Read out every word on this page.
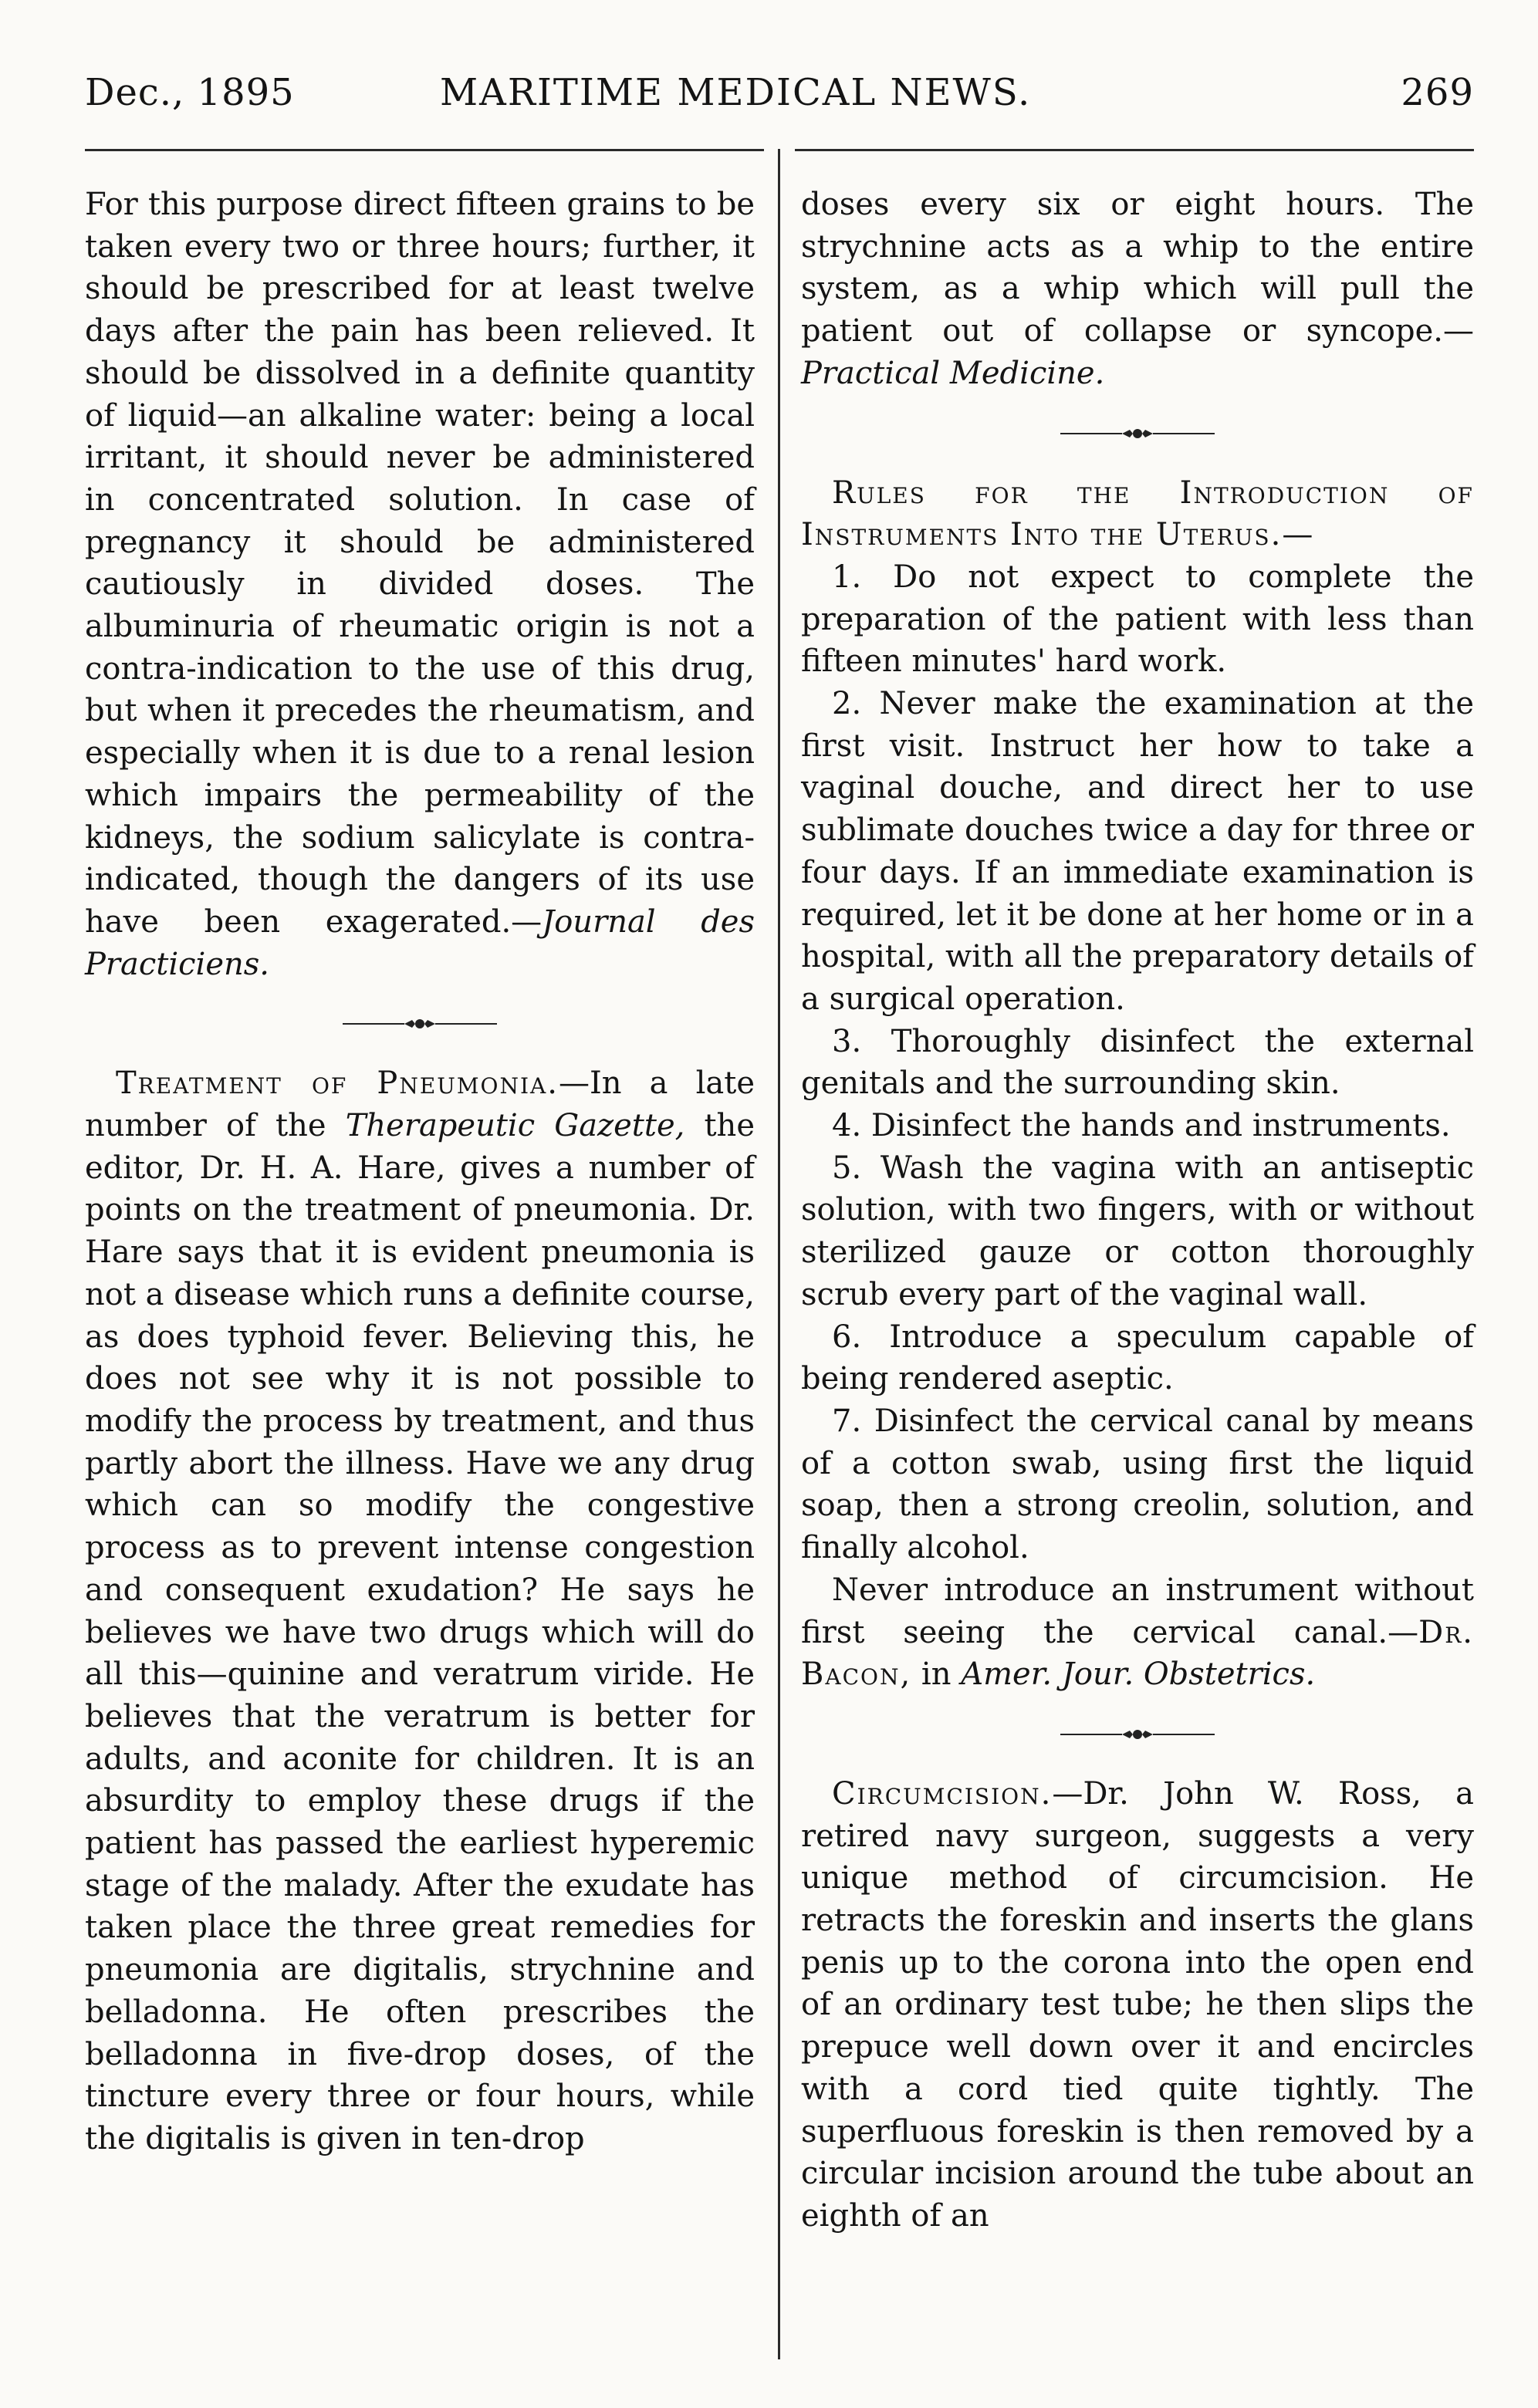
Dec., 1895	MARITIME MEDICAL NEWS.	269

For this purpose direct fifteen grains to be taken every two or three hours; further, it should be prescribed for at least twelve days after the pain has been relieved. It should be dissolved in a definite quantity of liquid—an alkaline water: being a local irritant, it should never be administered in concentrated solution. In case of pregnancy it should be administered cautiously in divided doses. The albuminuria of rheumatic origin is not a contra-indication to the use of this drug, but when it precedes the rheumatism, and especially when it is due to a renal lesion which impairs the permeability of the kidneys, the sodium salicylate is contra-indicated, though the dangers of its use have been exagerated.—Journal des Practiciens.

Treatment of Pneumonia.—In a late number of the Therapeutic Gazette, the editor, Dr. H. A. Hare, gives a number of points on the treatment of pneumonia. Dr. Hare says that it is evident pneumonia is not a disease which runs a definite course, as does typhoid fever. Believing this, he does not see why it is not possible to modify the process by treatment, and thus partly abort the illness. Have we any drug which can so modify the congestive process as to prevent intense congestion and consequent exudation? He says he believes we have two drugs which will do all this—quinine and veratrum viride. He believes that the veratrum is better for adults, and aconite for children. It is an absurdity to employ these drugs if the patient has passed the earliest hyperemic stage of the malady. After the exudate has taken place the three great remedies for pneumonia are digitalis, strychnine and belladonna. He often prescribes the belladonna in five-drop doses, of the tincture every three or four hours, while the digitalis is given in ten-drop

doses every six or eight hours. The strychnine acts as a whip to the entire system, as a whip which will pull the patient out of collapse or syncope.—Practical Medicine.

Rules for the Introduction of Instruments Into the Uterus.—

1. Do not expect to complete the preparation of the patient with less than fifteen minutes' hard work.

2. Never make the examination at the first visit. Instruct her how to take a vaginal douche, and direct her to use sublimate douches twice a day for three or four days. If an immediate examination is required, let it be done at her home or in a hospital, with all the preparatory details of a surgical operation.

3. Thoroughly disinfect the external genitals and the surrounding skin.

4. Disinfect the hands and instruments.

5. Wash the vagina with an antiseptic solution, with two fingers, with or without sterilized gauze or cotton thoroughly scrub every part of the vaginal wall.

6. Introduce a speculum capable of being rendered aseptic.

7. Disinfect the cervical canal by means of a cotton swab, using first the liquid soap, then a strong creolin, solution, and finally alcohol.

Never introduce an instrument without first seeing the cervical canal.—Dr. Bacon, in Amer. Jour. Obstetrics.

Circumcision.—Dr. John W. Ross, a retired navy surgeon, suggests a very unique method of circumcision. He retracts the foreskin and inserts the glans penis up to the corona into the open end of an ordinary test tube; he then slips the prepuce well down over it and encircles with a cord tied quite tightly. The superfluous foreskin is then removed by a circular incision around the tube about an eighth of an
